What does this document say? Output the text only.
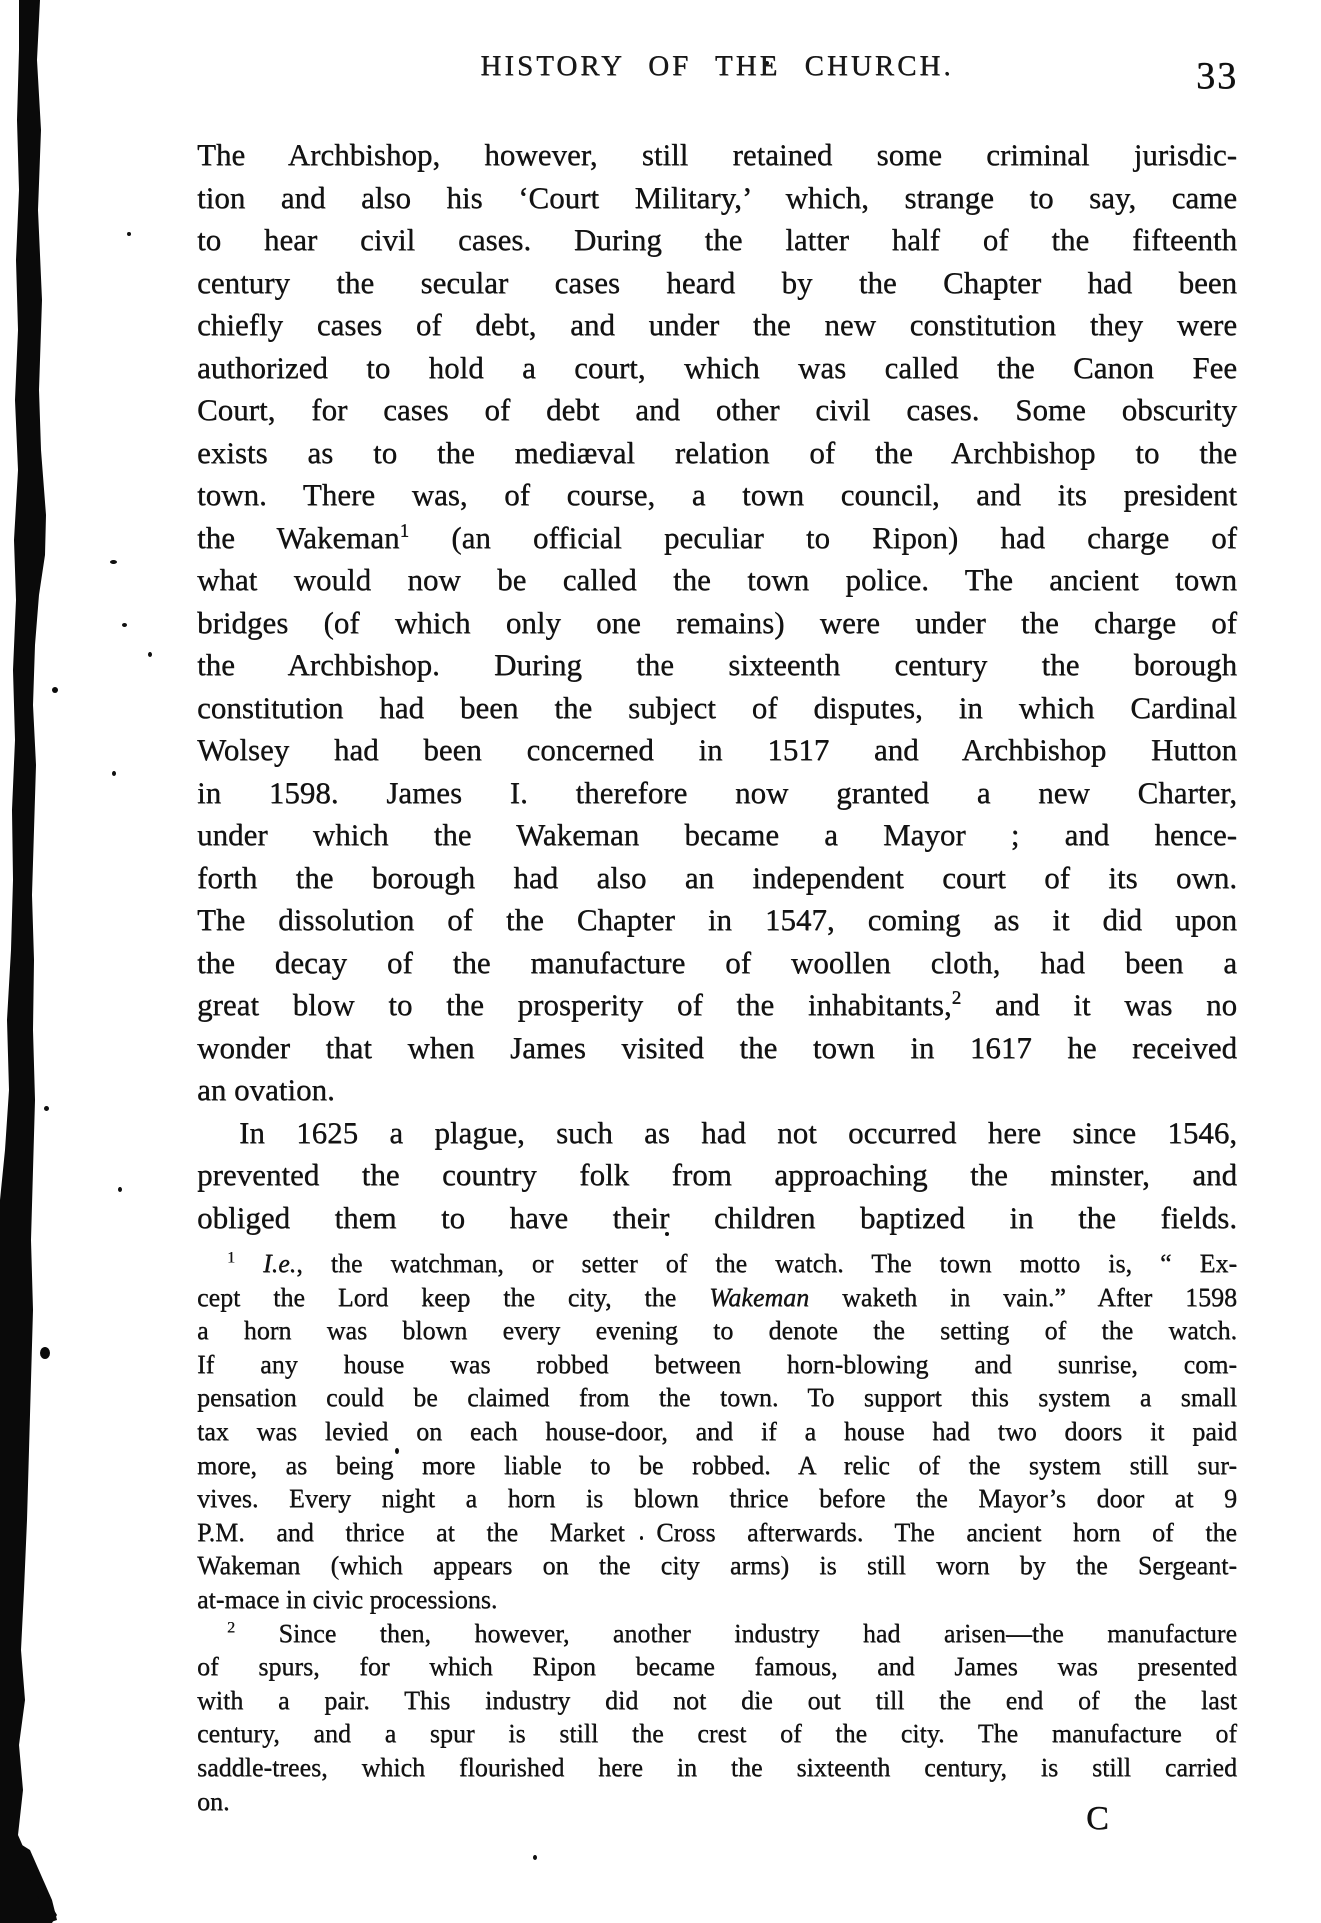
HISTORY OF THE CHURCH.	33
The Archbishop, however, still retained some criminal jurisdic-
tion and also his ‘Court Military,’ which, strange to say, came
to hear civil cases. During the latter half of the fifteenth
century the secular cases heard by the Chapter had been
chiefly cases of debt, and under the new constitution they were
authorized to hold a court, which was called the Canon Fee
Court, for cases of debt and other civil cases. Some obscurity
exists as to the mediæval relation of the Archbishop to the
town. There was, of course, a town council, and its president
the Wakeman$^1$ (an official peculiar to Ripon) had charge of
what would now be called the town police. The ancient town
bridges (of which only one remains) were under the charge of
the Archbishop. During the sixteenth century the borough
constitution had been the subject of disputes, in which Cardinal
Wolsey had been concerned in 1517 and Archbishop Hutton
in 1598. James I. therefore now granted a new Charter,
under which the Wakeman became a Mayor ; and hence-
forth the borough had also an independent court of its own.
The dissolution of the Chapter in 1547, coming as it did upon
the decay of the manufacture of woollen cloth, had been a
great blow to the prosperity of the inhabitants,$^2$ and it was no
wonder that when James visited the town in 1617 he received
an ovation.
In 1625 a plague, such as had not occurred here since 1546,
prevented the country folk from approaching the minster, and
obliged them to have their children baptized in the fields.
$^1$ I.e., the watchman, or setter of the watch. The town motto is, “ Ex-
cept the Lord keep the city, the Wakeman waketh in vain.” After 1598
a horn was blown every evening to denote the setting of the watch.
If any house was robbed between horn-blowing and sunrise, com-
pensation could be claimed from the town. To support this system a small
tax was levied on each house-door, and if a house had two doors it paid
more, as being more liable to be robbed. A relic of the system still sur-
vives. Every night a horn is blown thrice before the Mayor’s door at 9
P.M. and thrice at the Market Cross afterwards. The ancient horn of the
Wakeman (which appears on the city arms) is still worn by the Sergeant-
at-mace in civic processions.
$^2$ Since then, however, another industry had arisen—the manufacture
of spurs, for which Ripon became famous, and James was presented
with a pair. This industry did not die out till the end of the last
century, and a spur is still the crest of the city. The manufacture of
saddle-trees, which flourished here in the sixteenth century, is still carried
on.	C
